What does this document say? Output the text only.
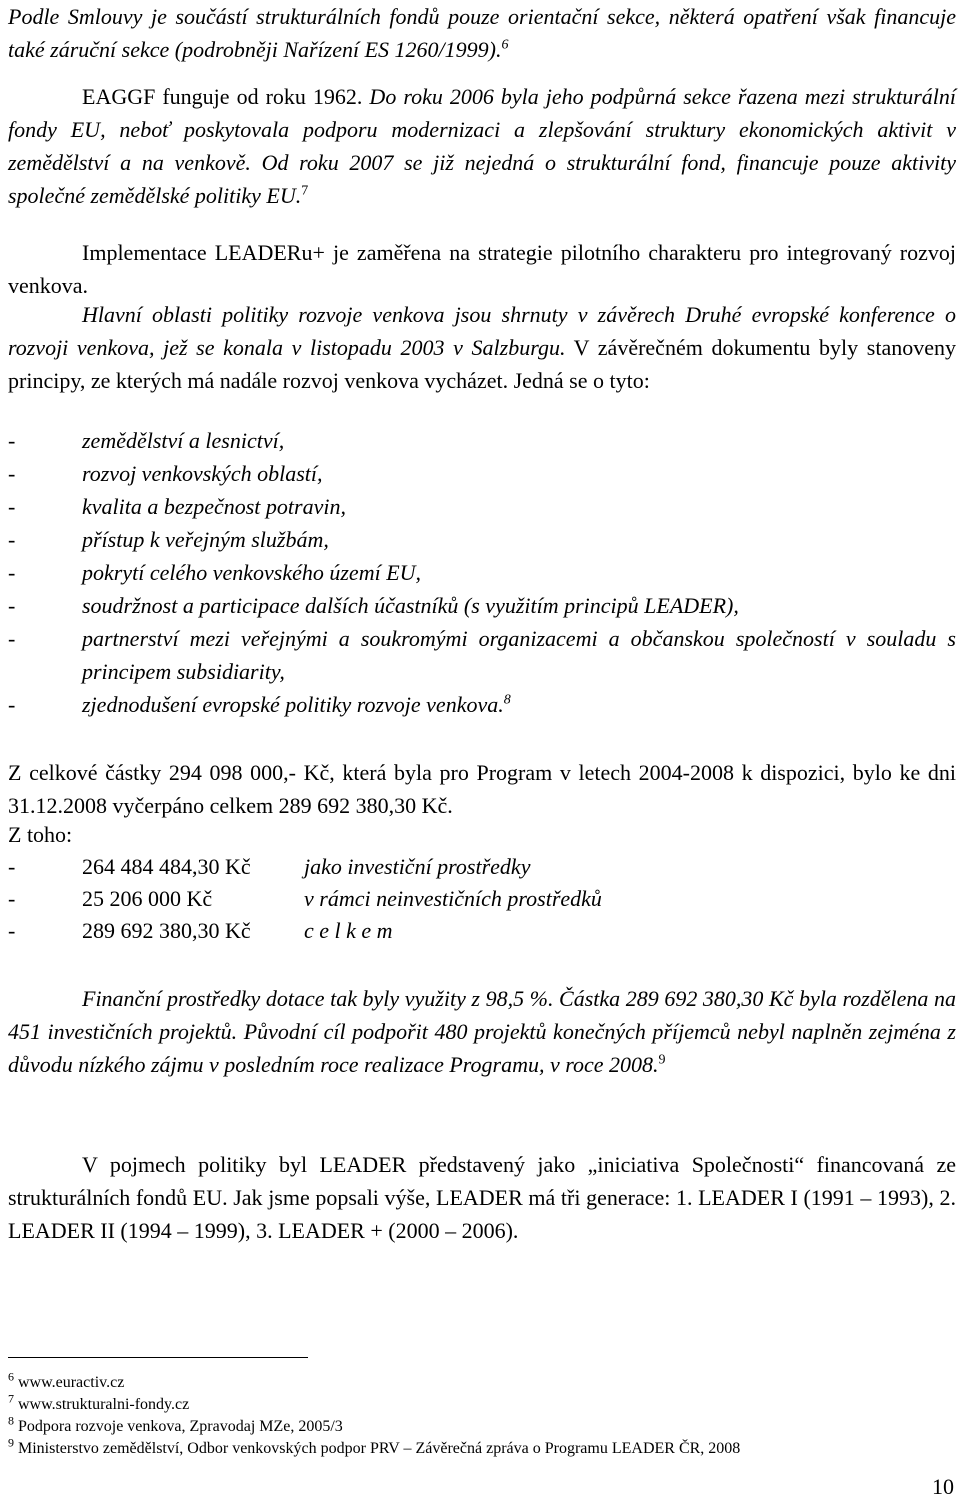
Podle Smlouvy je součástí strukturálních fondů pouze orientační sekce, některá opatření však financuje také záruční sekce (podrobněji Nařízení ES 1260/1999).$^6$

EAGGF funguje od roku 1962. Do roku 2006 byla jeho podpůrná sekce řazena mezi strukturální fondy EU, neboť poskytovala podporu modernizaci a zlepšování struktury ekonomických aktivit v zemědělství a na venkově. Od roku 2007 se již nejedná o strukturální fond, financuje pouze aktivity společné zemědělské politiky EU.$^7$

Implementace LEADERu+ je zaměřena na strategie pilotního charakteru pro integrovaný rozvoj venkova.

Hlavní oblasti politiky rozvoje venkova jsou shrnuty v závěrech Druhé evropské konference o rozvoji venkova, jež se konala v listopadu 2003 v Salzburgu. V závěrečném dokumentu byly stanoveny principy, ze kterých má nadále rozvoj venkova vycházet. Jedná se o tyto:

-	zemědělství a lesnictví,
-	rozvoj venkovských oblastí,
-	kvalita a bezpečnost potravin,
-	přístup k veřejným službám,
-	pokrytí celého venkovského území EU,
-	soudržnost a participace dalších účastníků (s využitím principů LEADER),
-	partnerství mezi veřejnými a soukromými organizacemi a občanskou společností v souladu s principem subsidiarity,
-	zjednodušení evropské politiky rozvoje venkova.$^8$

Z celkové částky 294 098 000,- Kč, která byla pro Program v letech 2004-2008 k dispozici, bylo ke dni 31.12.2008 vyčerpáno celkem 289 692 380,30 Kč.

Z toho:

-	264 484 484,30 Kč jako investiční prostředky
-	25 206 000 Kč	v rámci neinvestičních prostředků
-	289 692 380,30 Kč c e l k e m

Finanční prostředky dotace tak byly využity z 98,5 %. Částka 289 692 380,30 Kč byla rozdělena na 451 investičních projektů. Původní cíl podpořit 480 projektů konečných příjemců nebyl naplněn zejména z důvodu nízkého zájmu v posledním roce realizace Programu, v roce 2008.$^9$

V pojmech politiky byl LEADER představený jako „iniciativa Společnosti“ financovaná ze strukturálních fondů EU. Jak jsme popsali výše, LEADER má tři generace: 1. LEADER I (1991 – 1993), 2. LEADER II (1994 – 1999), 3. LEADER + (2000 – 2006).

$^6$ www.euractiv.cz

$^7$ www.strukturalni-fondy.cz

$^8$ Podpora rozvoje venkova, Zpravodaj MZe, 2005/3

$^9$ Ministerstvo zemědělství, Odbor venkovských podpor PRV – Závěrečná zpráva o Programu LEADER ČR, 2008

10
